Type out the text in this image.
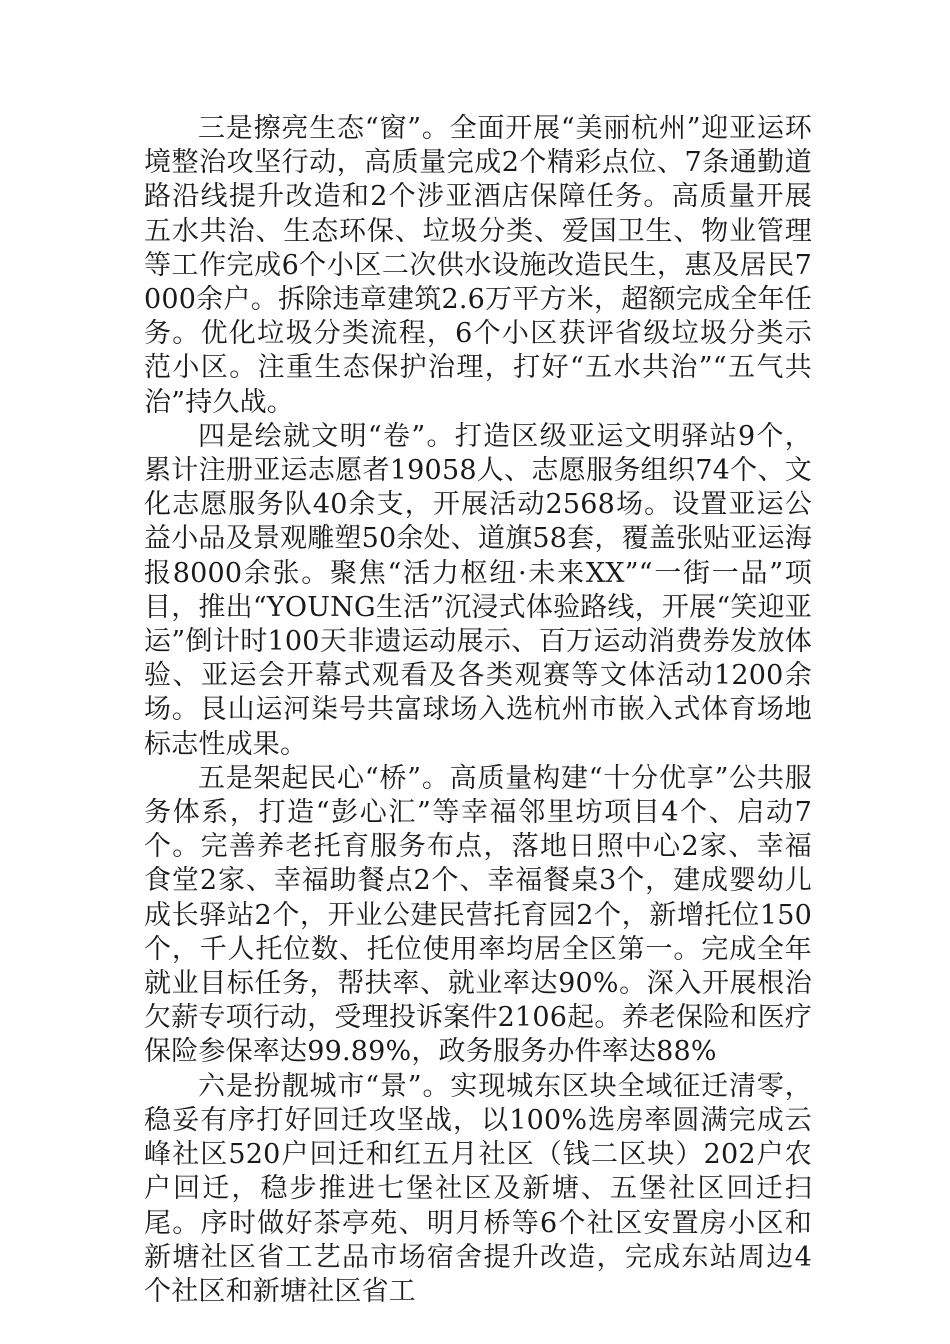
三是擦亮生态“窗”。全面开展“美丽杭州”迎亚运环境整治攻坚行动，高质量完成2个精彩点位、7条通勤道路沿线提升改造和2个涉亚酒店保障任务。高质量开展五水共治、生态环保、垃圾分类、爱国卫生、物业管理等工作完成6个小区二次供水设施改造民生，惠及居民7000余户。拆除违章建筑2.6万平方米，超额完成全年任务。优化垃圾分类流程，6个小区获评省级垃圾分类示范小区。注重生态保护治理，打好“五水共治”“五气共治”持久战。

四是绘就文明“卷”。打造区级亚运文明驿站9个，累计注册亚运志愿者19058人、志愿服务组织74个、文化志愿服务队40余支，开展活动2568场。设置亚运公益小品及景观雕塑50余处、道旗58套，覆盖张贴亚运海报8000余张。聚焦“活力枢纽·未来XX”“一街一品”项目，推出“YOUNG生活”沉浸式体验路线，开展“笑迎亚运”倒计时100天非遗运动展示、百万运动消费券发放体验、亚运会开幕式观看及各类观赛等文体活动1200余场。艮山运河柒号共富球场入选杭州市嵌入式体育场地标志性成果。

五是架起民心“桥”。高质量构建“十分优享”公共服务体系，打造“彭心汇”等幸福邻里坊项目4个、启动7个。完善养老托育服务布点，落地日照中心2家、幸福食堂2家、幸福助餐点2个、幸福餐桌3个，建成婴幼儿成长驿站2个，开业公建民营托育园2个，新增托位150个，千人托位数、托位使用率均居全区第一。完成全年就业目标任务，帮扶率、就业率达90%。深入开展根治欠薪专项行动，受理投诉案件2106起。养老保险和医疗保险参保率达99.89%，政务服务办件率达88%

六是扮靓城市“景”。实现城东区块全域征迁清零，稳妥有序打好回迁攻坚战，以100%选房率圆满完成云峰社区520户回迁和红五月社区（钱二区块）202户农户回迁，稳步推进七堡社区及新塘、五堡社区回迁扫尾。序时做好茶亭苑、明月桥等6个社区安置房小区和新塘社区省工艺品市场宿舍提升改造，完成东站周边4个社区和新塘社区省工
